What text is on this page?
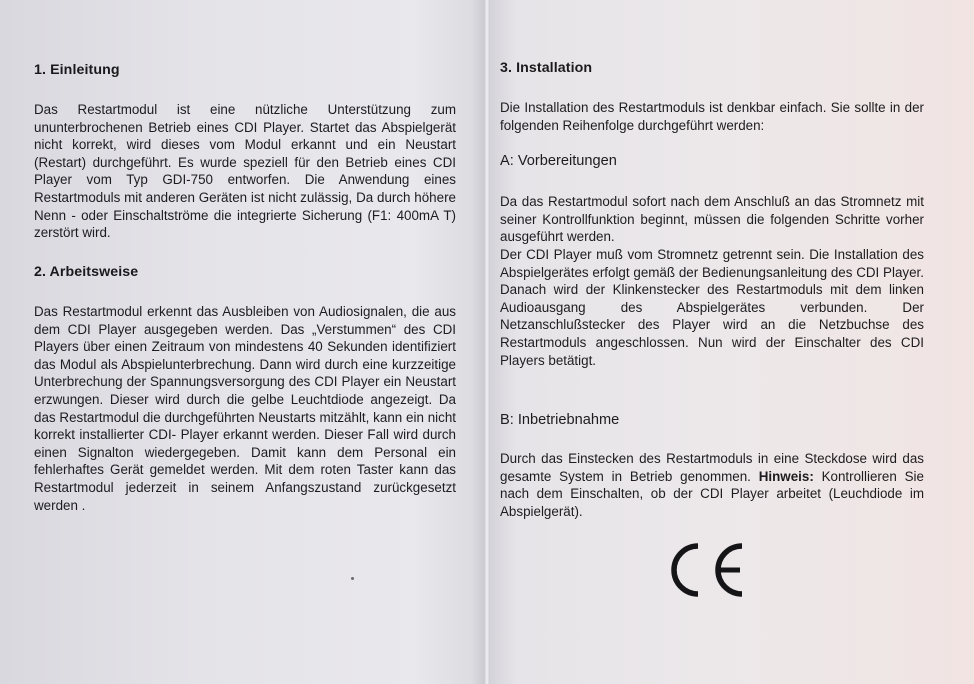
1. Einleitung

Das Restartmodul ist eine nützliche Unterstützung zum ununterbrochenen Betrieb eines CDI Player. Startet das Abspielgerät nicht korrekt, wird dieses vom Modul erkannt und ein Neustart (Restart) durchgeführt. Es wurde speziell für den Betrieb eines CDI Player vom Typ GDI-750 entworfen. Die Anwendung eines Restartmoduls mit anderen Geräten ist nicht zulässig, Da durch höhere Nenn - oder Einschaltströme die integrierte Sicherung (F1: 400mA T) zerstört wird.

2. Arbeitsweise

Das Restartmodul erkennt das Ausbleiben von Audiosignalen, die aus dem CDI Player ausgegeben werden. Das „Verstummen“ des CDI Players über einen Zeitraum von mindestens 40 Sekunden identifiziert das Modul als Abspielunterbrechung. Dann wird durch eine kurzzeitige Unterbrechung der Spannungsversorgung des CDI Player ein Neustart erzwungen. Dieser wird durch die gelbe Leuchtdiode angezeigt. Da das Restartmodul die durchgeführten Neustarts mitzählt, kann ein nicht korrekt installierter CDI- Player erkannt werden. Dieser Fall wird durch einen Signalton wiedergegeben. Damit kann dem Personal ein fehlerhaftes Gerät gemeldet werden. Mit dem roten Taster kann das Restartmodul jederzeit in seinem Anfangszustand zurückgesetzt werden .

3. Installation

Die Installation des Restartmoduls ist denkbar einfach. Sie sollte in der folgenden Reihenfolge durchgeführt werden:

A: Vorbereitungen

Da das Restartmodul sofort nach dem Anschluß an das Stromnetz mit seiner Kontrollfunktion beginnt, müssen die folgenden Schritte vorher ausgeführt werden.

Der CDI Player muß vom Stromnetz getrennt sein. Die Installation des Abspielgerätes erfolgt gemäß der Bedienungsanleitung des CDI Player. Danach wird der Klinkenstecker des Restartmoduls mit dem linken Audioausgang des Abspielgerätes verbunden. Der Netzanschlußstecker des Player wird an die Netzbuchse des Restartmoduls angeschlossen. Nun wird der Einschalter des CDI Players betätigt.

B: Inbetriebnahme

Durch das Einstecken des Restartmoduls in eine Steckdose wird das gesamte System in Betrieb genommen. Hinweis: Kontrollieren Sie nach dem Einschalten, ob der CDI Player arbeitet (Leuchdiode im Abspielgerät).
